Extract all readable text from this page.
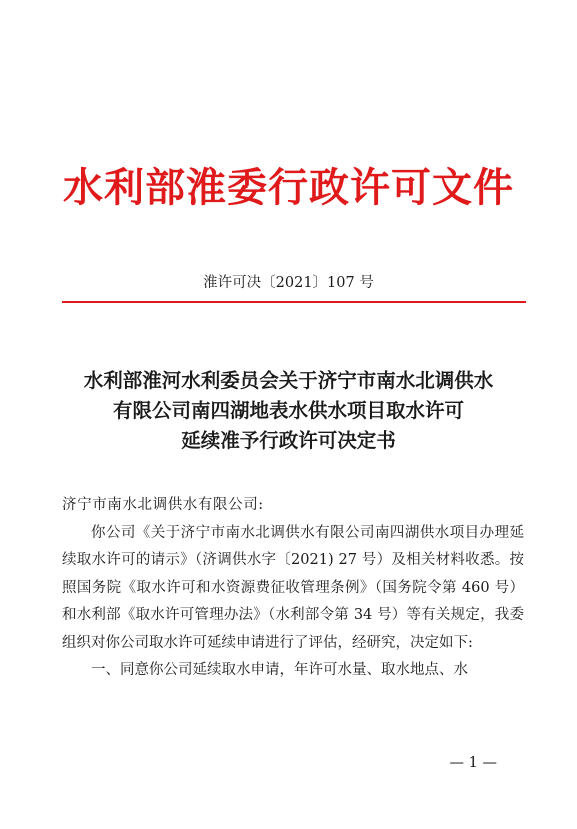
水利部淮委行政许可文件
淮许可决〔2021〕107 号
水利部淮河水利委员会关于济宁市南水北调供水
有限公司南四湖地表水供水项目取水许可
延续准予行政许可决定书

济宁市南水北调供水有限公司:

你公司《关于济宁市南水北调供水有限公司南四湖供水项目办理延续取水许可的请示》（济调供水字〔2021) 27 号）及相关材料收悉。按照国务院《取水许可和水资源费征收管理条例》（国务院令第 460 号）和水利部《取水许可管理办法》（水利部令第 34 号）等有关规定，我委组织对你公司取水许可延续申请进行了评估，经研究，决定如下:

一、同意你公司延续取水申请，年许可水量、取水地点、水

— 1 —
